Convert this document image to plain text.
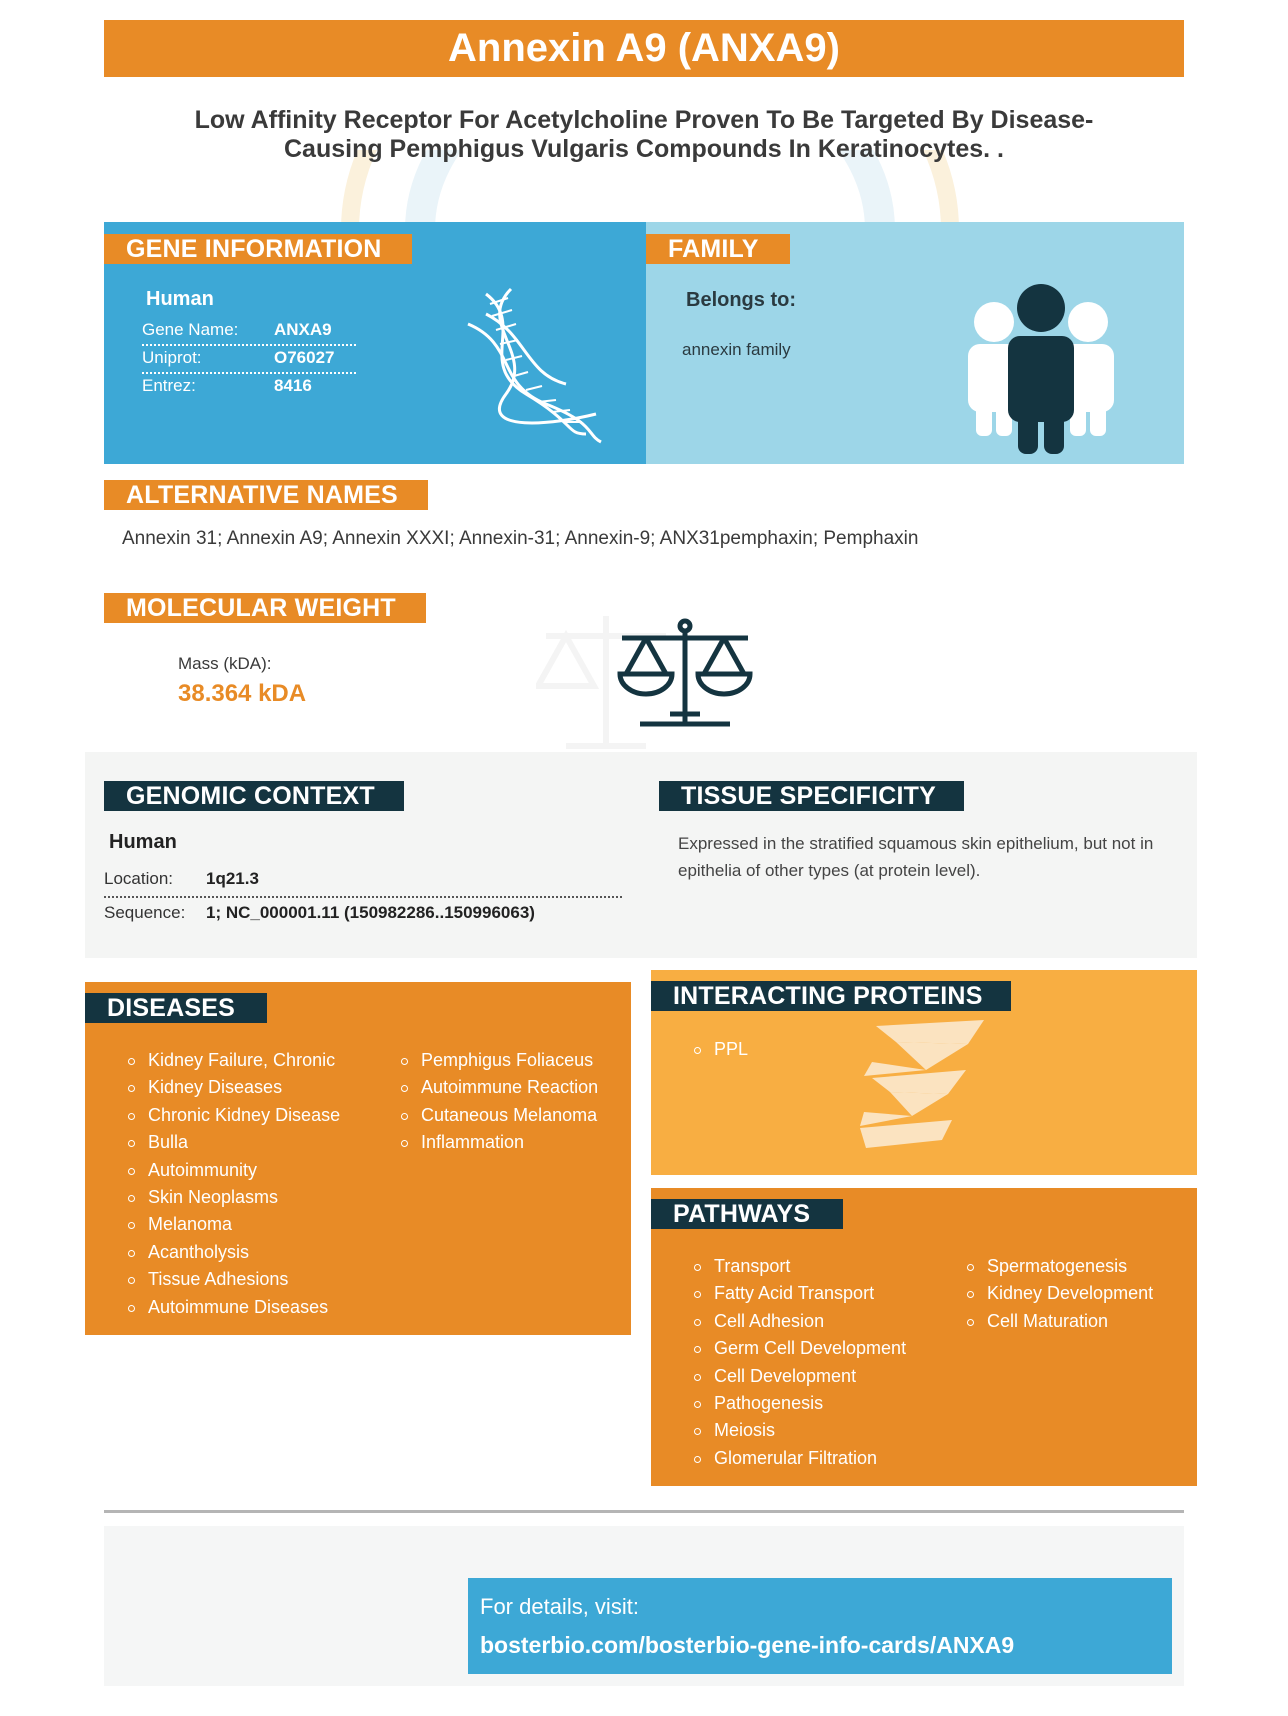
Annexin A9 (ANXA9)
Low Affinity Receptor For Acetylcholine Proven To Be Targeted By Disease-Causing Pemphigus Vulgaris Compounds In Keratinocytes. .
GENE INFORMATION
Human
Gene Name: ANXA9
Uniprot:	O76027
Entrez:	8416
FAMILY
Belongs to:
annexin family
ALTERNATIVE NAMES
Annexin 31; Annexin A9; Annexin XXXI; Annexin-31; Annexin-9; ANX31pemphaxin; Pemphaxin
MOLECULAR WEIGHT
Mass (kDA):
38.364 kDA
GENOMIC CONTEXT
Human
Location: 1q21.3
Sequence: 1; NC_000001.11 (150982286..150996063)
TISSUE SPECIFICITY
Expressed in the stratified squamous skin epithelium, but not in epithelia of other types (at protein level).
DISEASES
Kidney Failure, Chronic
Kidney Diseases
Chronic Kidney Disease
Bulla
Autoimmunity
Skin Neoplasms
Melanoma
Acantholysis
Tissue Adhesions
Autoimmune Diseases
Pemphigus Foliaceus
Autoimmune Reaction
Cutaneous Melanoma
Inflammation
INTERACTING PROTEINS
PPL
PATHWAYS
Transport
Fatty Acid Transport
Cell Adhesion
Germ Cell Development
Cell Development
Pathogenesis
Meiosis
Glomerular Filtration
Spermatogenesis
Kidney Development
Cell Maturation
For details, visit:
bosterbio.com/bosterbio-gene-info-cards/ANXA9
